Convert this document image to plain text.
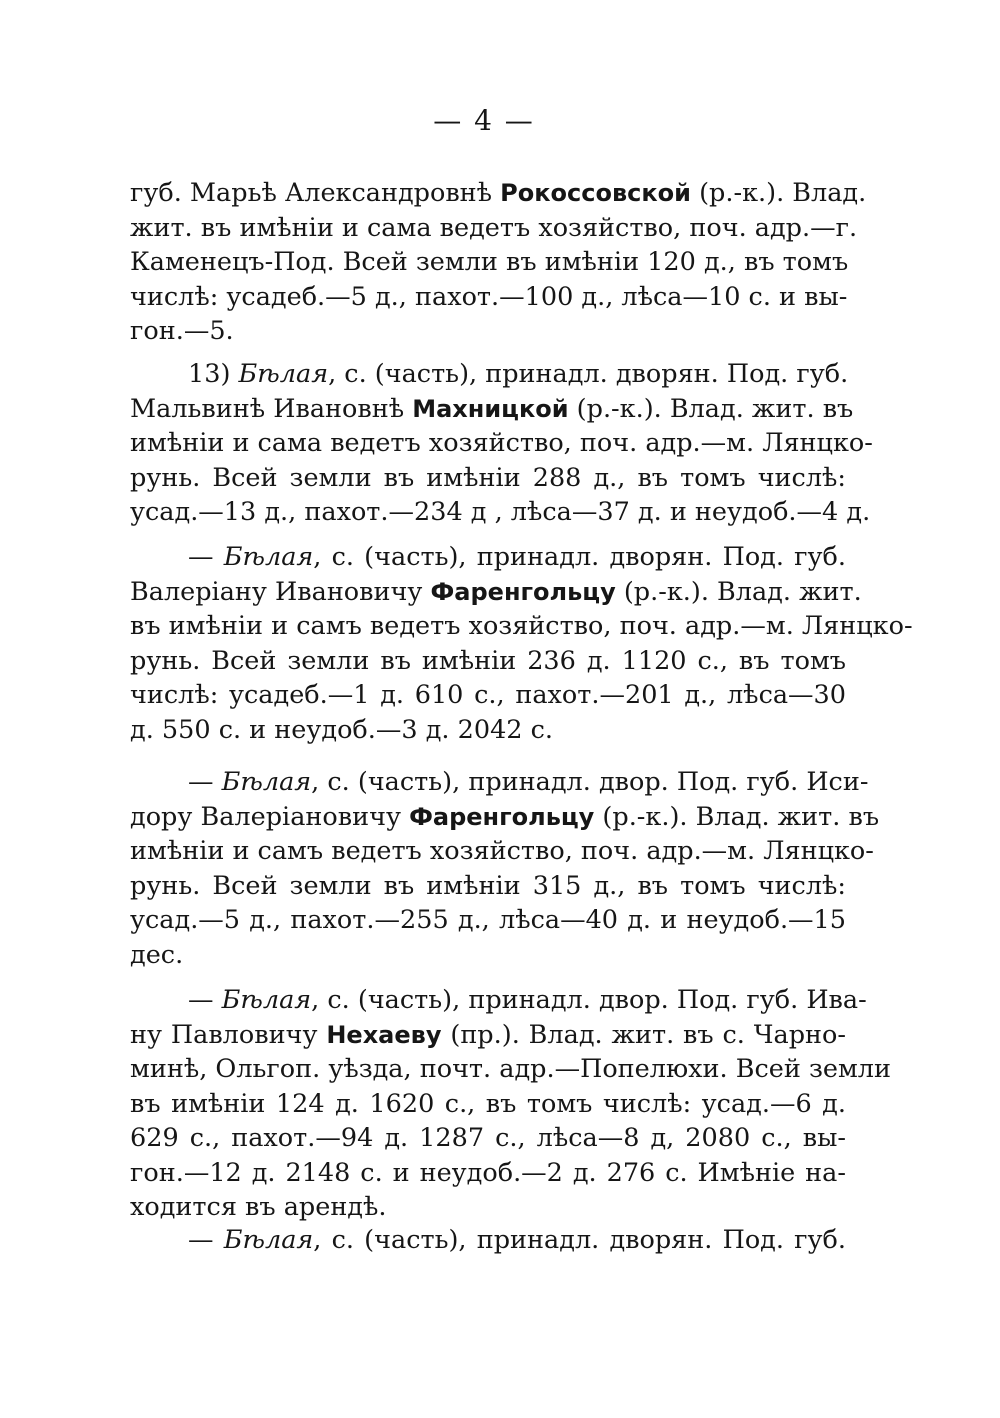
— 4 —
губ. Марьѣ Александровнѣ Рокоссовской (р.-к.). Влад.
жит. въ имѣніи и сама ведетъ хозяйство, поч. адр.—г.
Каменецъ-Под. Всей земли въ имѣніи 120 д., въ томъ
числѣ: усадеб.—5 д., пахот.—100 д., лѣса—10 с. и вы-
гон.—5.
13) Бѣлая, с. (часть), принадл. дворян. Под. губ.
Мальвинѣ Ивановнѣ Махницкой (р.-к.). Влад. жит. въ
имѣніи и сама ведетъ хозяйство, поч. адр.—м. Лянцко-
рунь. Всей земли въ имѣніи 288 д., въ томъ числѣ:
усад.—13 д., пахот.—234 д , лѣса—37 д. и неудоб.—4 д.
— Бѣлая, с. (часть), принадл. дворян. Под. губ.
Валеріану Ивановичу Фаренгольцу (р.-к.). Влад. жит.
въ имѣніи и самъ ведетъ хозяйство, поч. адр.—м. Лянцко-
рунь. Всей земли въ имѣніи 236 д. 1120 с., въ томъ
числѣ: усадеб.—1 д. 610 с., пахот.—201 д., лѣса—30
д. 550 с. и неудоб.—3 д. 2042 с.
— Бѣлая, с. (часть), принадл. двор. Под. губ. Иси-
дору Валеріановичу Фаренгольцу (р.-к.). Влад. жит. въ
имѣніи и самъ ведетъ хозяйство, поч. адр.—м. Лянцко-
рунь. Всей земли въ имѣніи 315 д., въ томъ числѣ:
усад.—5 д., пахот.—255 д., лѣса—40 д. и неудоб.—15
дес.
— Бѣлая, с. (часть), принадл. двор. Под. губ. Ива-
ну Павловичу Нехаеву (пр.). Влад. жит. въ с. Чарно-
минѣ, Ольгоп. уѣзда, почт. адр.—Попелюхи. Всей земли
въ имѣніи 124 д. 1620 с., въ томъ числѣ: усад.—6 д.
629 с., пахот.—94 д. 1287 с., лѣса—8 д, 2080 с., вы-
гон.—12 д. 2148 с. и неудоб.—2 д. 276 с. Имѣніе на-
ходится въ арендѣ.
— Бѣлая, с. (часть), принадл. дворян. Под. губ.
